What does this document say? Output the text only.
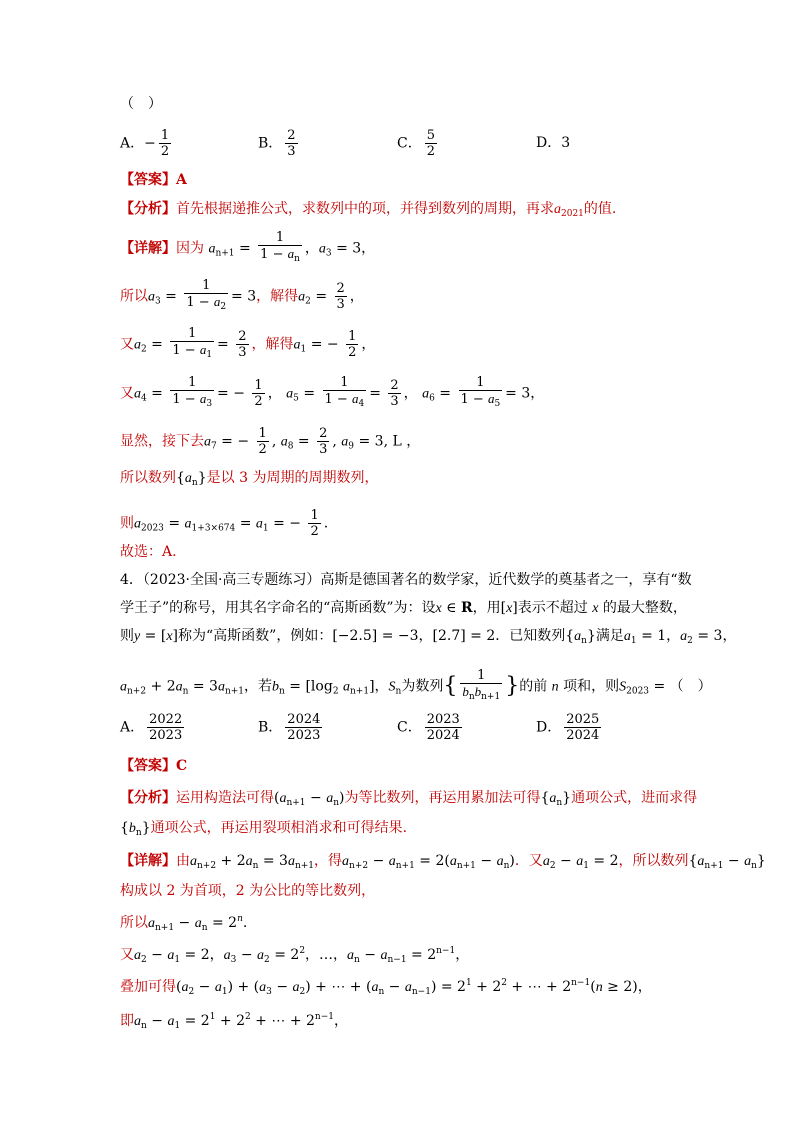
（　）
A．− $\frac{1}{2}$	B． $\frac{2}{3}$	C． $\frac{5}{2}$	D．3
【答案】A
【分析】首先根据递推公式，求数列中的项，并得到数列的周期，再求$a_{2021}$的值.
【详解】因为 $a_{n+1} = \frac{1}{1 - a_n}$ ，$a_3 = 3$，
所以$a_3 = \frac{1}{1 - a_2} = 3$，解得$a_2 = \frac{2}{3}$ ，
又$a_2 = \frac{1}{1 - a_1} = \frac{2}{3}$ ，解得$a_1$ = − $\frac{1}{2}$ ，
又$a_4 = \frac{1}{1 - a_3}$ = − $\frac{1}{2}$ ， $a_5 = \frac{1}{1 - a_4} = \frac{2}{3}$ ， $a_6 = \frac{1}{1 - a_5} = 3$，
显然，接下去$a_7$ = − $\frac{1}{2}$ , $a_8 = \frac{2}{3}$ , $a_9 = 3$, L ，
所以数列$\{a_n\}$是以 3 为周期的周期数列，
则$a_{2023} = a_{1+3\times 674} = a_1$ = − $\frac{1}{2}$ .
故选：A.
4．（2023·全国·高三专题练习）高斯是德国著名的数学家，近代数学的奠基者之一，享有“数
学王子”的称号，用其名字命名的“高斯函数”为：设x ∈ R，用[x]表示不超过 x 的最大整数，
则y = [x]称为“高斯函数”，例如：[−2.5] = −3，[2.7] = 2．已知数列$\{a_n\}$满足$a_1 = 1$，$a_2 = 3$，
$a_{n+2} + 2a_n = 3a_{n+1}$，若$b_n = [\log_2$ $a_{n+1}$]，$S_n$为数列{ $\frac{1}{b_nb_{n+1}}$ }的前 n 项和，则$S_{2023}$ = （　）
A． $\frac{2022}{2023}$	B． $\frac{2024}{2023}$	C． $\frac{2023}{2024}$	D． $\frac{2025}{2024}$
【答案】C
【分析】运用构造法可得$(a_{n+1} - a_n)$为等比数列，再运用累加法可得$\{a_n\}$通项公式，进而求得
$\{b_n\}$通项公式，再运用裂项相消求和可得结果.
【详解】由$a_{n+2} + 2a_n = 3a_{n+1}$，得$a_{n+2} - a_{n+1} = 2(a_{n+1} - a_n)$．又$a_2 - a_1 = 2$，所以数列$\{a_{n+1} - a_n\}$
构成以 2 为首项，2 为公比的等比数列，
所以$a_{n+1} - a_n = 2^n$.
又$a_2 - a_1 = 2$，$a_3 - a_2 = 2^2$，…，$a_n - a_{n-1} = 2^{n-1}$，
叠加可得$(a_2 - a_1) + (a_3 - a_2)$ + ⋯ + $(a_n - a_{n-1}) = 2^1 + 2^2$ + ⋯ + $2^{n-1}(n \ge 2)$，
即$a_n - a_1 = 2^1 + 2^2$ + ⋯ + $2^{n-1}$，
